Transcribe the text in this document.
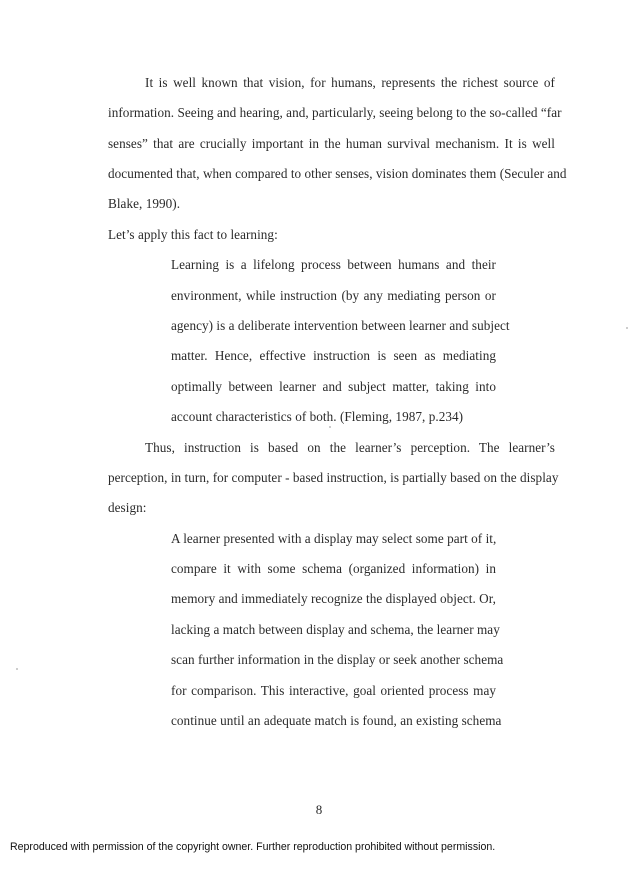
It is well known that vision, for humans, represents the richest source of
information. Seeing and hearing, and, particularly, seeing belong to the so-called “far
senses” that are crucially important in the human survival mechanism. It is well
documented that, when compared to other senses, vision dominates them (Seculer and
Blake, 1990).
Let’s apply this fact to learning:
Learning is a lifelong process between humans and their
environment, while instruction (by any mediating person or
agency) is a deliberate intervention between learner and subject
matter. Hence, effective instruction is seen as mediating
optimally between learner and subject matter, taking into
account characteristics of both. (Fleming, 1987, p.234)
Thus, instruction is based on the learner’s perception. The learner’s
perception, in turn, for computer - based instruction, is partially based on the display
design:
A learner presented with a display may select some part of it,
compare it with some schema (organized information) in
memory and immediately recognize the displayed object. Or,
lacking a match between display and schema, the learner may
scan further information in the display or seek another schema
for comparison. This interactive, goal oriented process may
continue until an adequate match is found, an existing schema
8
Reproduced with permission of the copyright owner. Further reproduction prohibited without permission.
